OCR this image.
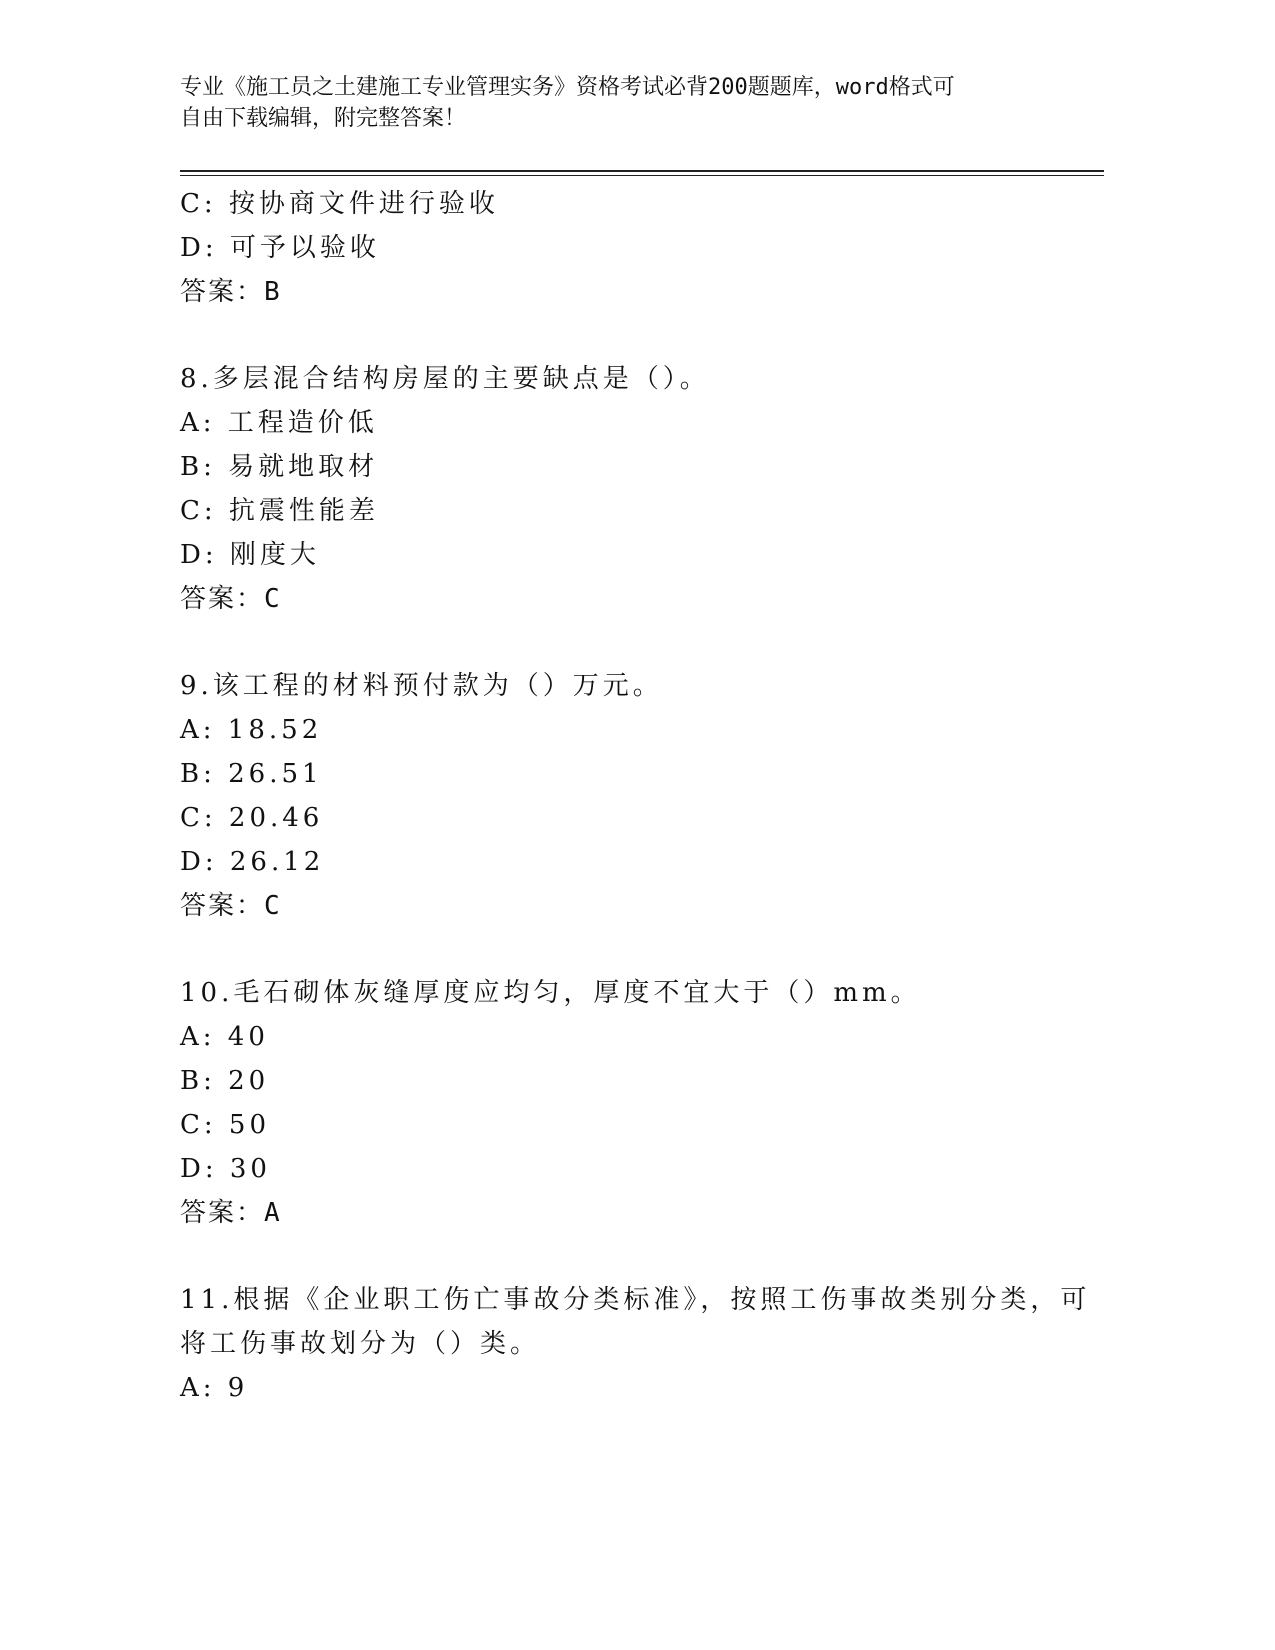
专业《施工员之土建施工专业管理实务》资格考试必背200题题库，word格式可
自由下载编辑，附完整答案！
C: 按协商文件进行验收
D: 可予以验收
答案：B
8.多层混合结构房屋的主要缺点是（）。
A: 工程造价低
B: 易就地取材
C: 抗震性能差
D: 刚度大
答案：C
9.该工程的材料预付款为（）万元。
A: 18.52
B: 26.51
C: 20.46
D: 26.12
答案：C
10.毛石砌体灰缝厚度应均匀，厚度不宜大于（）mm。
A: 40
B: 20
C: 50
D: 30
答案：A
11.根据《企业职工伤亡事故分类标准》，按照工伤事故类别分类，可
将工伤事故划分为（）类。
A: 9
